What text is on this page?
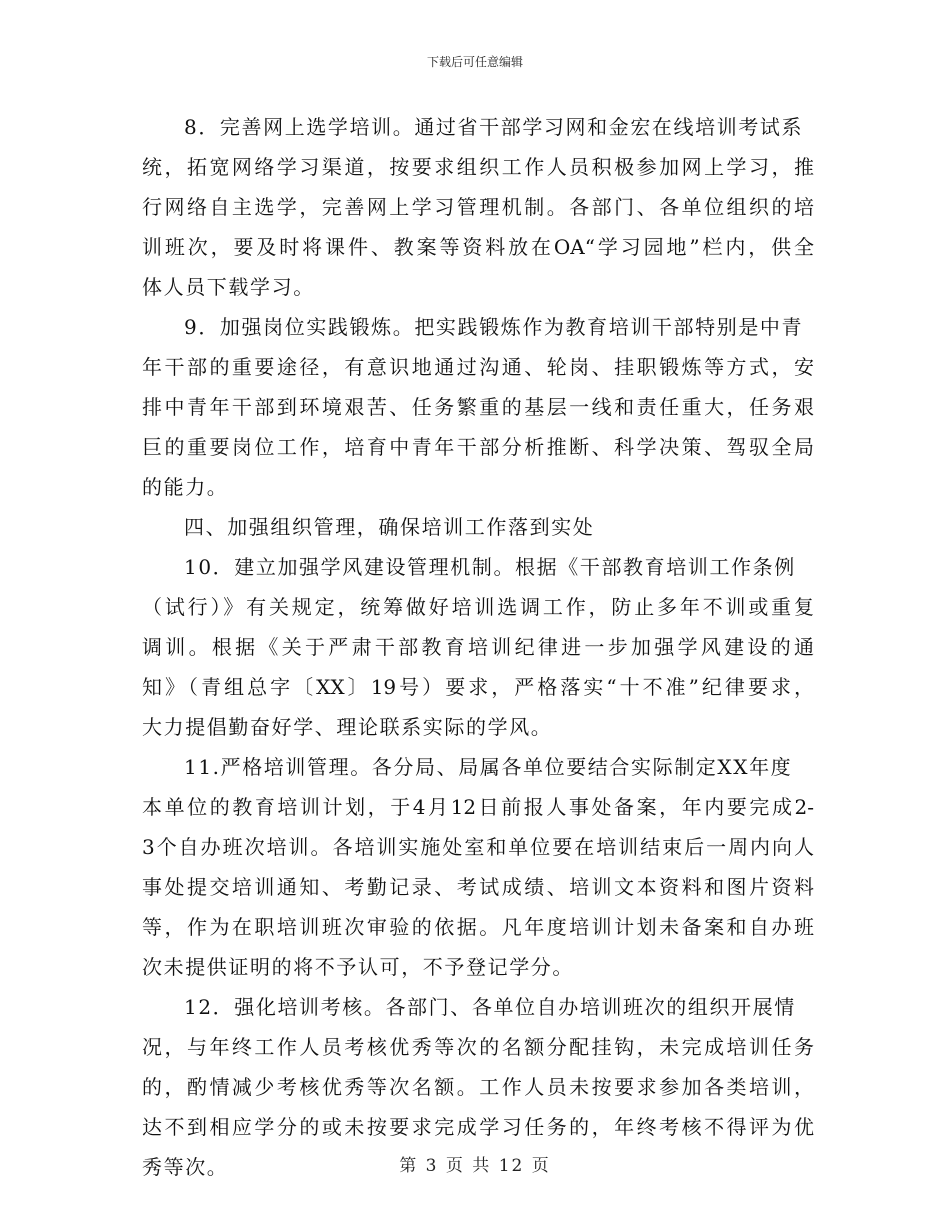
下载后可任意编辑
8．完善网上选学培训。通过省干部学习网和金宏在线培训考试系
统，拓宽网络学习渠道，按要求组织工作人员积极参加网上学习，推
行网络自主选学，完善网上学习管理机制。各部门、各单位组织的培
训班次，要及时将课件、教案等资料放在OA“学习园地”栏内，供全
体人员下载学习。
9．加强岗位实践锻炼。把实践锻炼作为教育培训干部特别是中青
年干部的重要途径，有意识地通过沟通、轮岗、挂职锻炼等方式，安
排中青年干部到环境艰苦、任务繁重的基层一线和责任重大，任务艰
巨的重要岗位工作，培育中青年干部分析推断、科学决策、驾驭全局
的能力。
四、加强组织管理，确保培训工作落到实处
10．建立加强学风建设管理机制。根据《干部教育培训工作条例
（试行）》有关规定，统筹做好培训选调工作，防止多年不训或重复
调训。根据《关于严肃干部教育培训纪律进一步加强学风建设的通
知》（青组总字〔XX〕19号）要求，严格落实“十不准”纪律要求，
大力提倡勤奋好学、理论联系实际的学风。
11.严格培训管理。各分局、局属各单位要结合实际制定XX年度
本单位的教育培训计划，于4月12日前报人事处备案，年内要完成2-
3个自办班次培训。各培训实施处室和单位要在培训结束后一周内向人
事处提交培训通知、考勤记录、考试成绩、培训文本资料和图片资料
等，作为在职培训班次审验的依据。凡年度培训计划未备案和自办班
次未提供证明的将不予认可，不予登记学分。
12．强化培训考核。各部门、各单位自办培训班次的组织开展情
况，与年终工作人员考核优秀等次的名额分配挂钩，未完成培训任务
的，酌情减少考核优秀等次名额。工作人员未按要求参加各类培训，
达不到相应学分的或未按要求完成学习任务的，年终考核不得评为优
秀等次。	第 3 页 共 12 页
